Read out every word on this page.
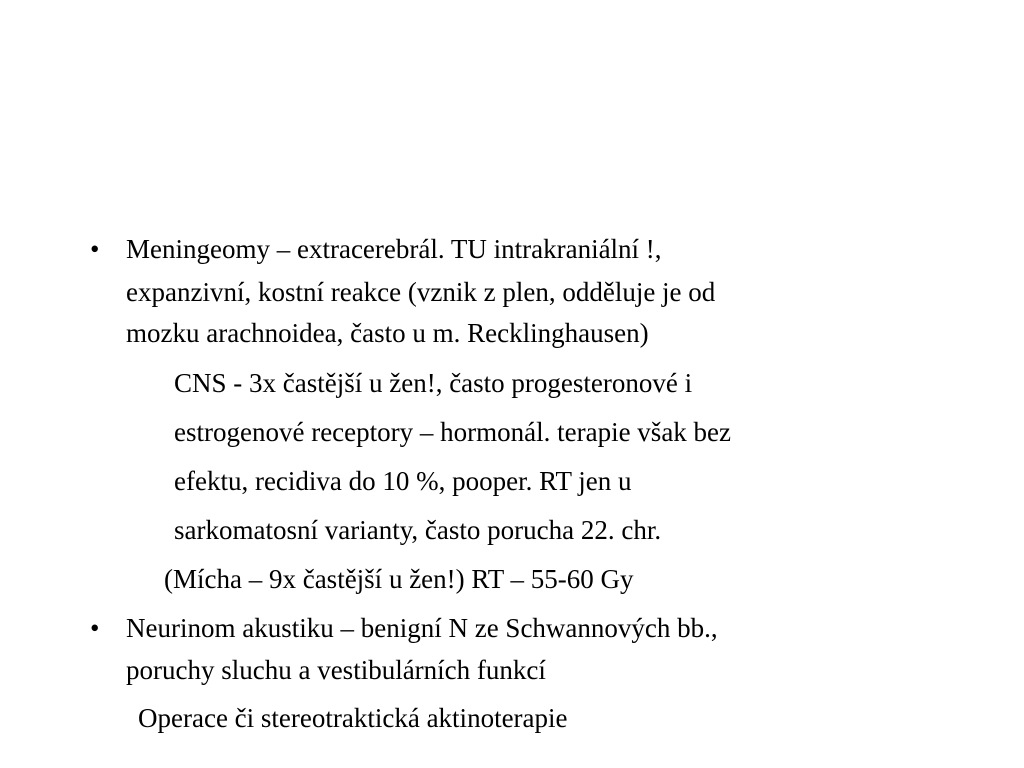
• Meningeomy – extracerebrál. TU intrakraniální !,
expanzivní, kostní reakce (vznik z plen, odděluje je od
mozku arachnoidea, často u m. Recklinghausen)
CNS - 3x častější u žen!, často progesteronové i
estrogenové receptory – hormonál. terapie však bez
efektu, recidiva do 10 %, pooper. RT jen u
sarkomatosní varianty, často porucha 22. chr.
(Mícha – 9x častější u žen!) RT – 55-60 Gy
• Neurinom akustiku – benigní N ze Schwannových bb.,
poruchy sluchu a vestibulárních funkcí
Operace či stereotraktická aktinoterapie
